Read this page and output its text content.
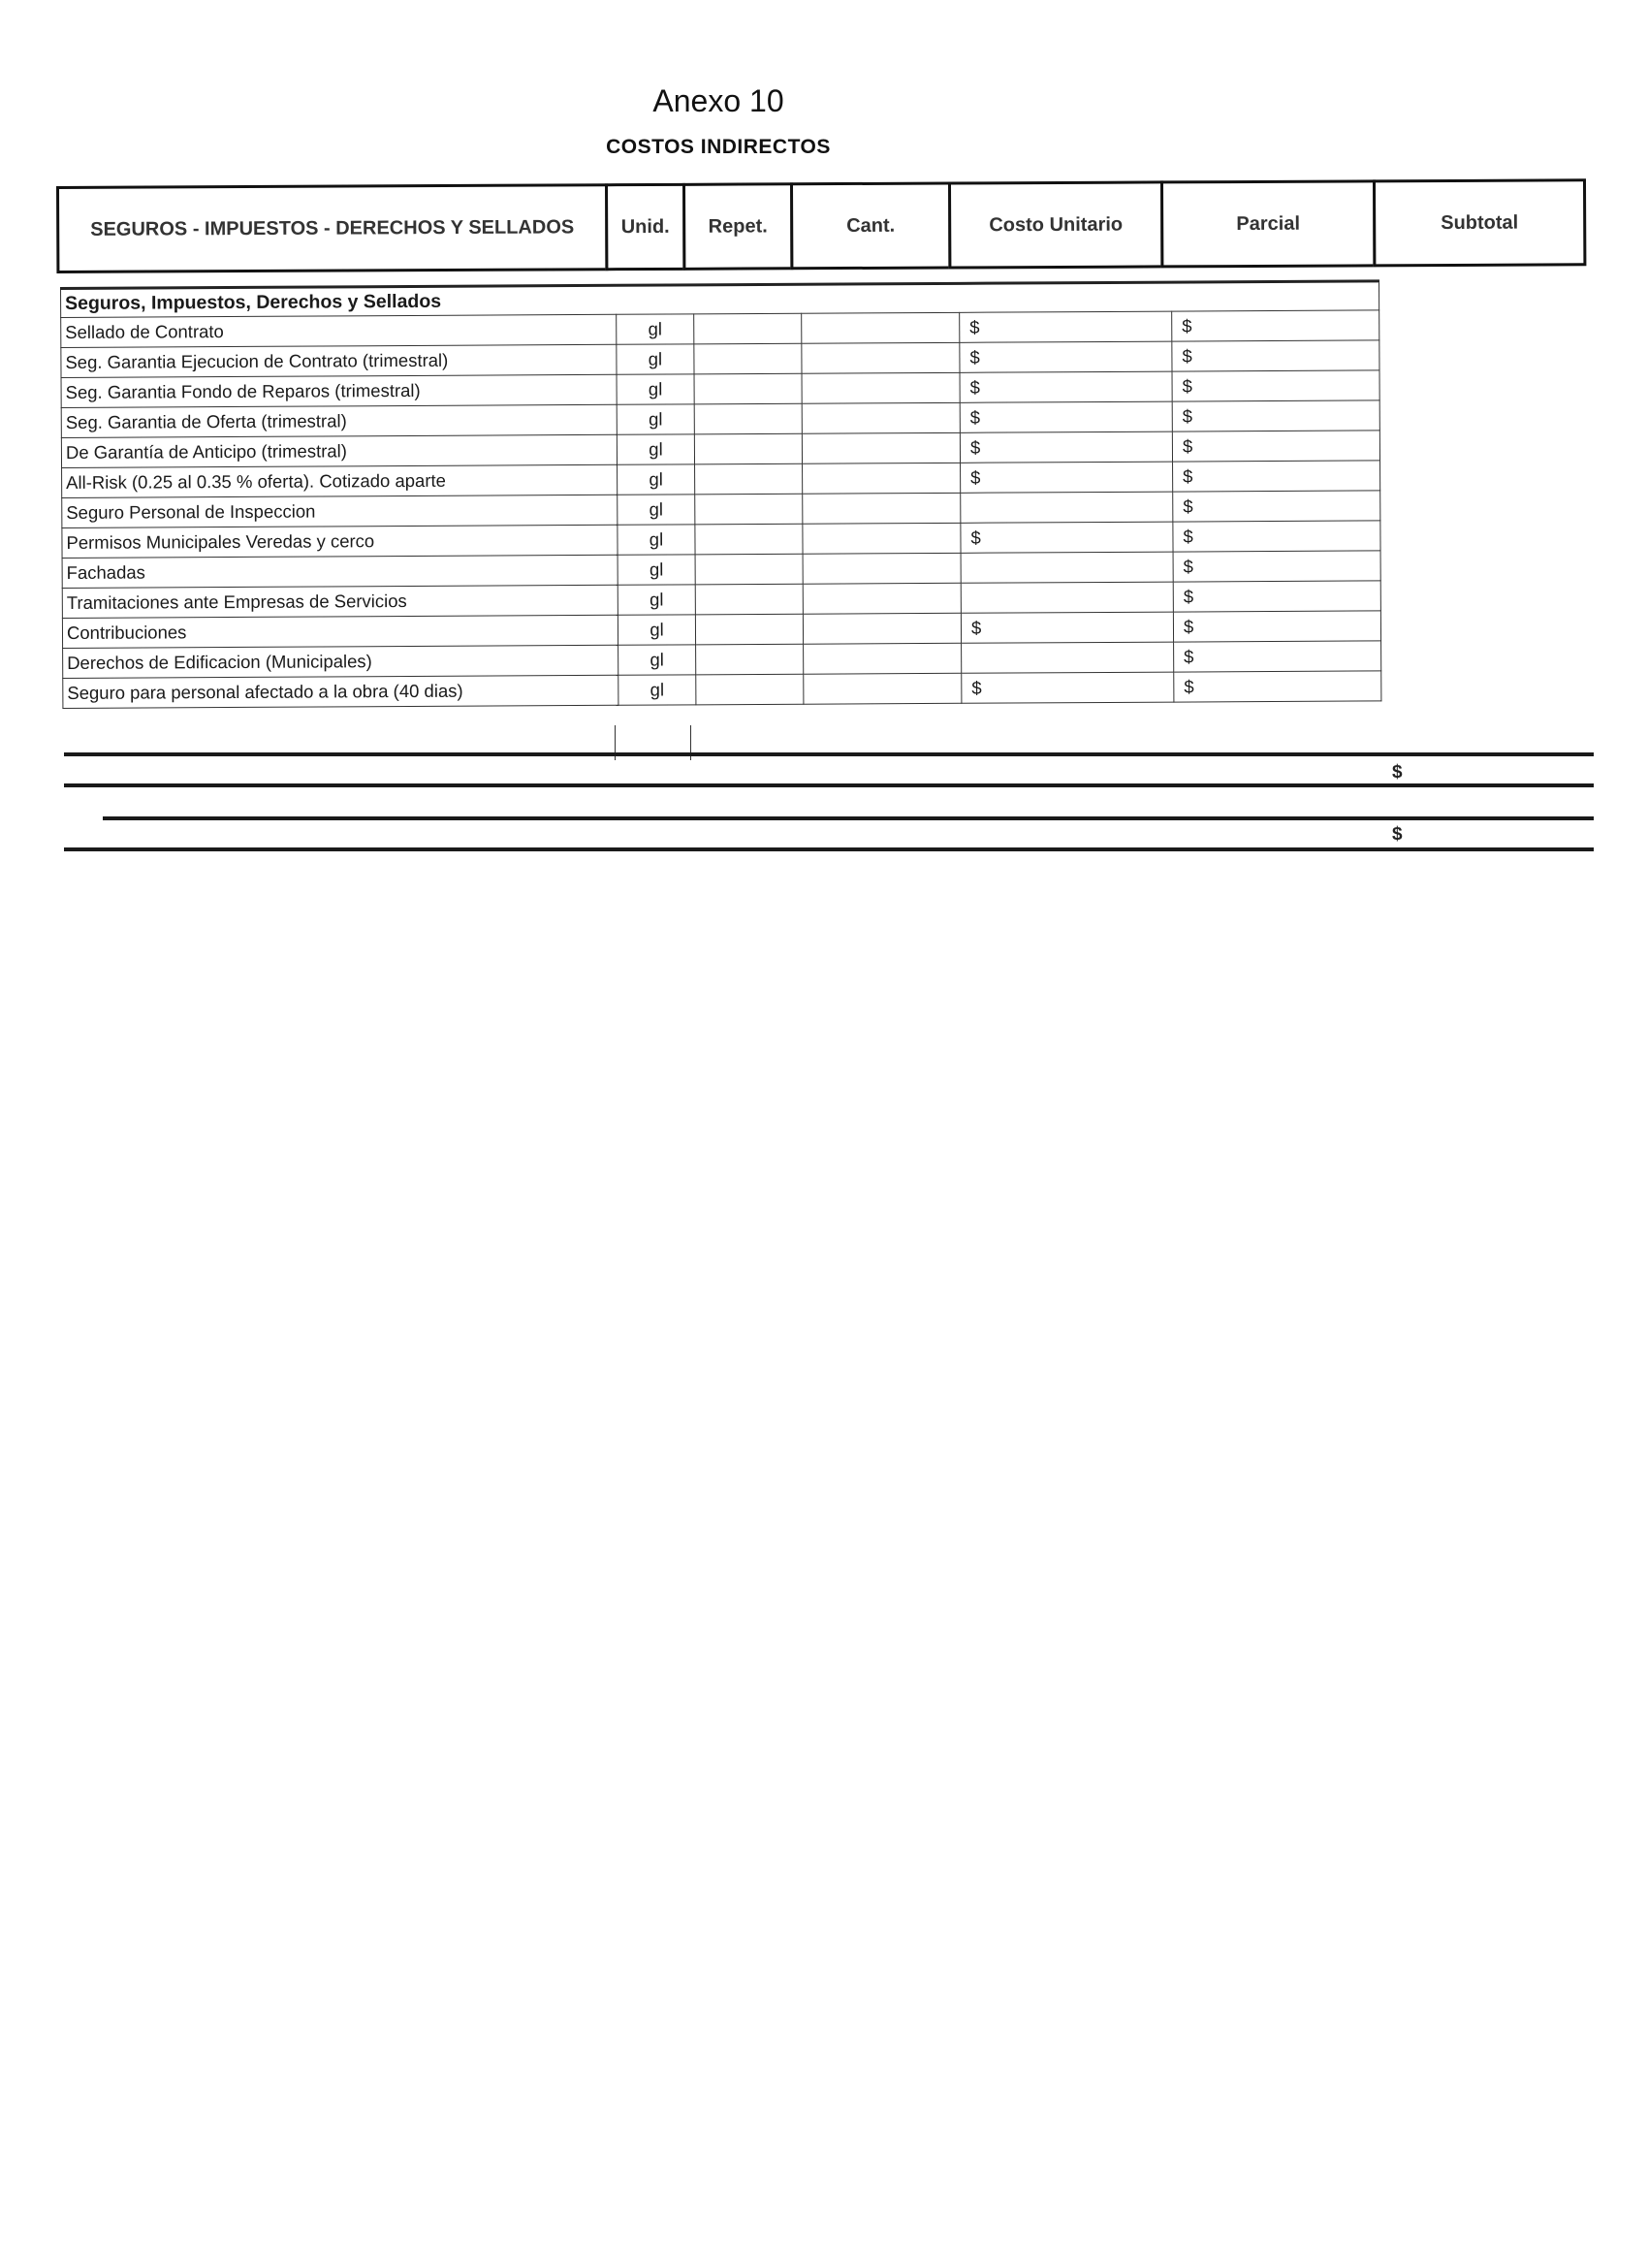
Anexo 10
COSTOS INDIRECTOS
SEGUROS - IMPUESTOS - DERECHOS Y SELLADOS	Unid.	Repet.	Cant.	Costo Unitario	Parcial	Subtotal
Seguros, Impuestos, Derechos y Sellados					
Sellado de Contrato	gl			$	$
Seg. Garantia Ejecucion de Contrato (trimestral)	gl			$	$
Seg. Garantia Fondo de Reparos (trimestral)	gl			$	$
Seg. Garantia de Oferta (trimestral)	gl			$	$
De Garantía de Anticipo (trimestral)	gl			$	$
All-Risk (0.25 al 0.35 % oferta). Cotizado aparte	gl			$	$
Seguro Personal de Inspeccion	gl				$
Permisos Municipales Veredas y cerco	gl			$	$
Fachadas	gl				$
Tramitaciones ante Empresas de Servicios	gl				$
Contribuciones	gl			$	$
Derechos de Edificacion (Municipales)	gl				$
Seguro para personal afectado a la obra (40 dias)	gl			$	$
$
$
